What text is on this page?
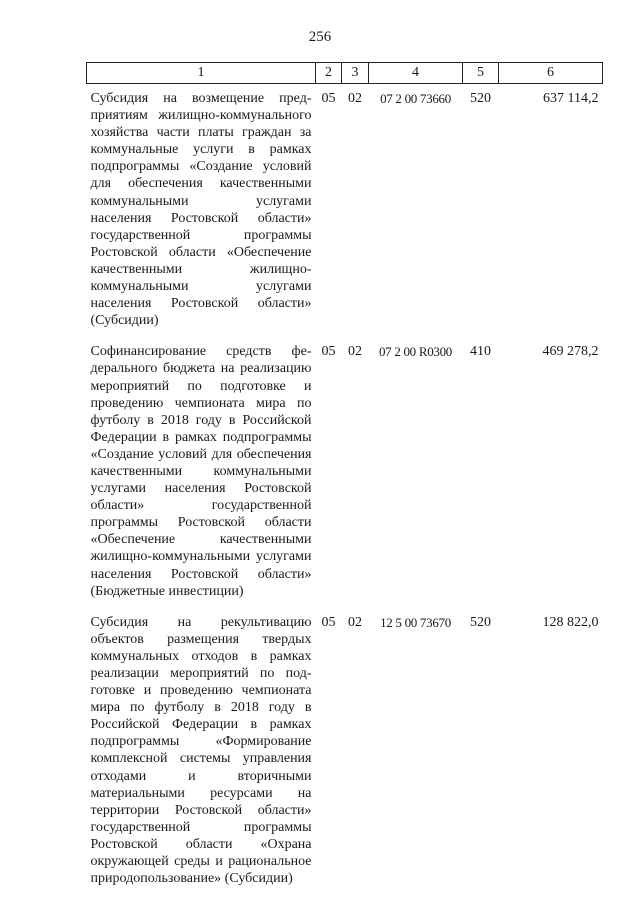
256
1	2	3	4	5	6
Субсидия на возмещение предприятиям жилищно-коммунального хозяйства части платы граждан за коммунальные услуги в рамках подпрограммы «Создание условий для обеспечения качественными коммунальными услугами населения Ростовской области» государственной программы Ростовской области «Обеспечение качественными жилищно-коммунальными услугами населения Ростовской области» (Субсидии)	05	02	07 2 00 73660	520	637 114,2
Софинансирование средств федерального бюджета на реализацию мероприятий по подготовке и проведению чемпионата мира по футболу в 2018 году в Российской Федерации в рамках подпрограммы «Создание условий для обеспечения качественными коммунальными услугами населения Ростовской области» государственной программы Ростовской области «Обеспечение качественными жилищно-коммунальными услугами населения Ростовской области» (Бюджетные инвестиции)	05	02	07 2 00 R0300	410	469 278,2
Субсидия на рекультивацию объектов размещения твердых коммунальных отходов в рамках реализации мероприятий по подготовке и проведению чемпионата мира по футболу в 2018 году в Российской Федерации в рамках подпрограммы «Формирование комплексной системы управления отходами и вторичными материальными ресурсами на территории Ростовской области» государственной программы Ростовской области «Охрана окружающей среды и рациональное природопользование» (Субсидии)	05	02	12 5 00 73670	520	128 822,0
